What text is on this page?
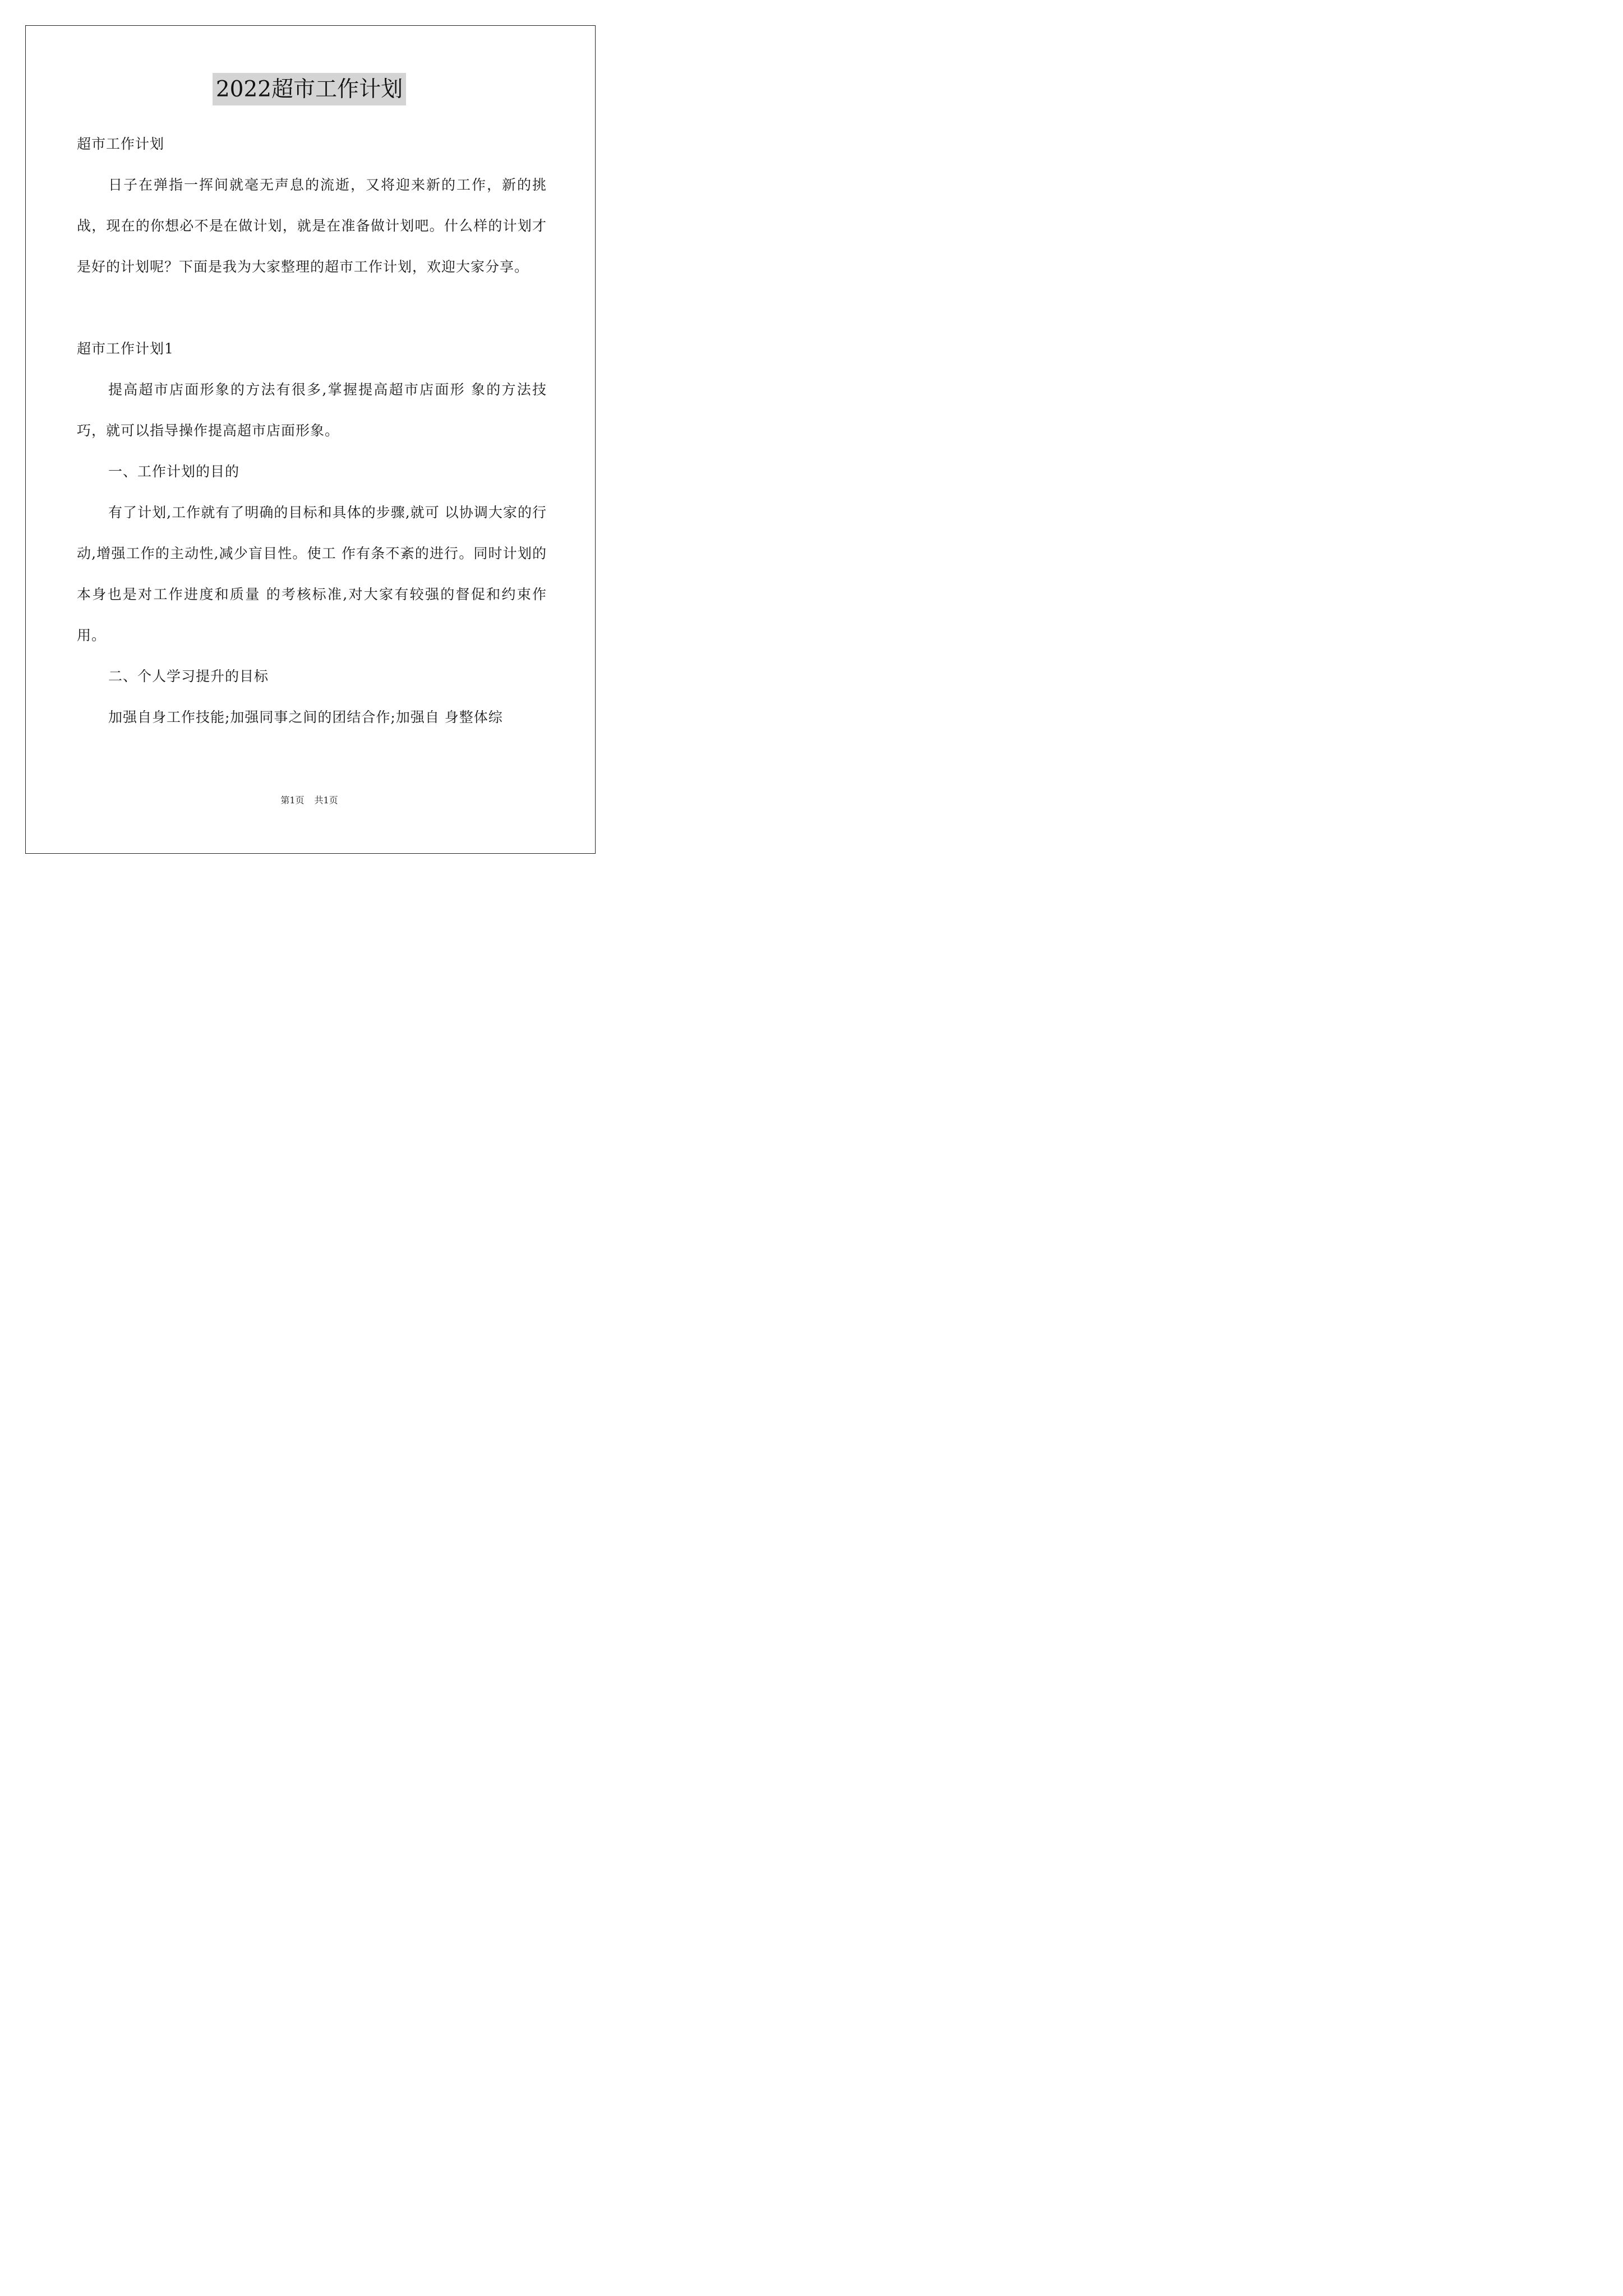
2022超市工作计划

超市工作计划

日子在弹指一挥间就毫无声息的流逝，又将迎来新的工作，新的挑战，现在的你想必不是在做计划，就是在准备做计划吧。什么样的计划才是好的计划呢？下面是我为大家整理的超市工作计划，欢迎大家分享。

超市工作计划1

提高超市店面形象的方法有很多,掌握提高超市店面形 象的方法技巧，就可以指导操作提高超市店面形象。

一、工作计划的目的

有了计划,工作就有了明确的目标和具体的步骤,就可 以协调大家的行动,增强工作的主动性,减少盲目性。使工 作有条不紊的进行。同时计划的本身也是对工作进度和质量 的考核标准,对大家有较强的督促和约束作用。

二、个人学习提升的目标

加强自身工作技能;加强同事之间的团结合作;加强自 身整体综

第1页 共1页
